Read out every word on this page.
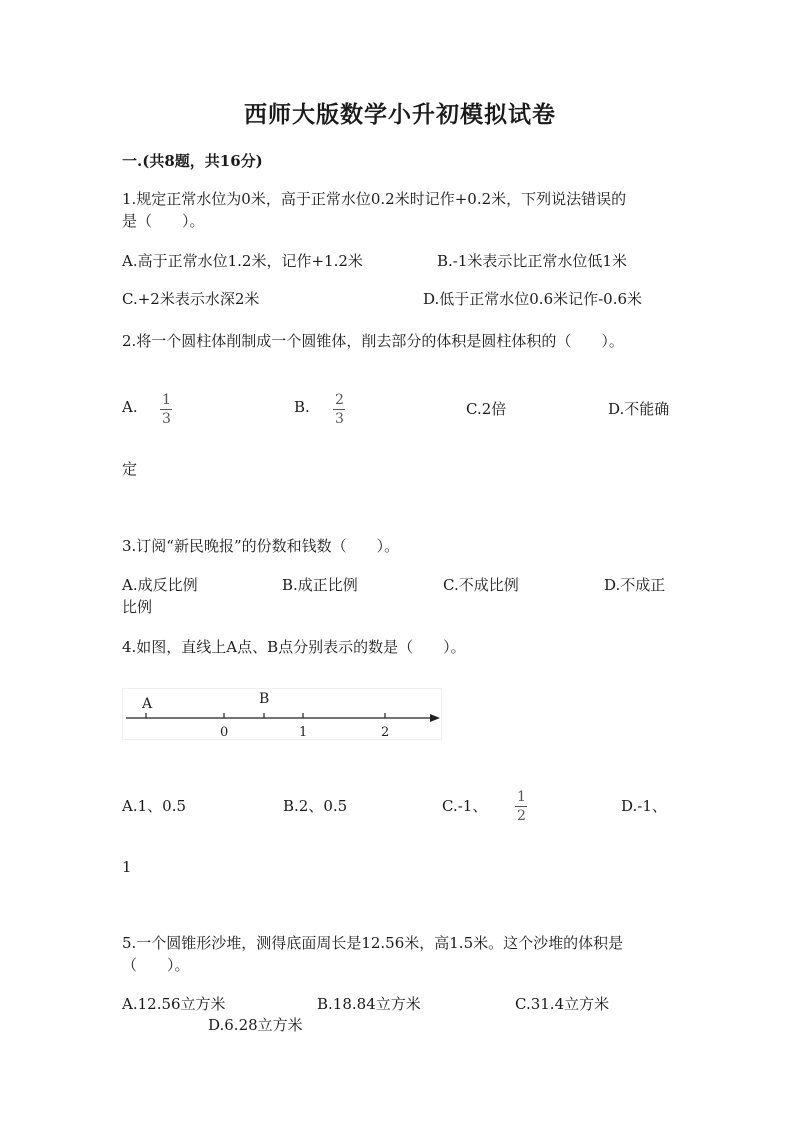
西师大版数学小升初模拟试卷
一.(共8题，共16分)
1.规定正常水位为0米，高于正常水位0.2米时记作+0.2米，下列说法错误的
是（　　）。
A.高于正常水位1.2米，记作+1.2米	B.-1米表示比正常水位低1米
C.+2米表示水深2米	D.低于正常水位0.6米记作-0.6米
2.将一个圆柱体削制成一个圆锥体，削去部分的体积是圆柱体积的（　　）。
A. 1
3
B. 2
3
C.2倍	D.不能确
定
3.订阅“新民晚报”的份数和钱数（　　）。
A.成反比例	B.成正比例	C.不成比例	D.不成正
比例
4.如图，直线上A点、B点分别表示的数是（　　）。
A	B
0	1	2
A.1、0.5	B.2、0.5	C.-1、 1
2
D.-1、
1
5.一个圆锥形沙堆，测得底面周长是12.56米，高1.5米。这个沙堆的体积是
（　　）。
A.12.56立方米	B.18.84立方米	C.31.4立方米
D.6.28立方米
